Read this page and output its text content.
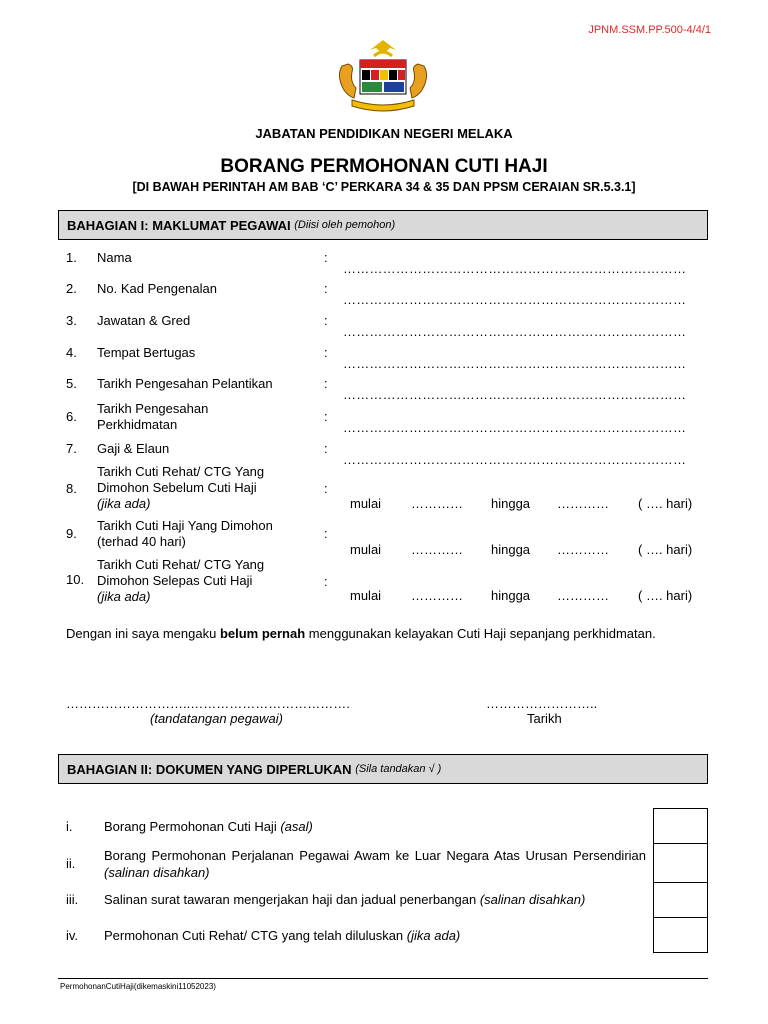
JPNM.SSM.PP.500-4/4/1
JABATAN PENDIDIKAN NEGERI MELAKA
BORANG PERMOHONAN CUTI HAJI
[DI BAWAH PERINTAH AM BAB ‘C’ PERKARA 34 & 35 DAN PPSM CERAIAN SR.5.3.1]
BAHAGIAN I: MAKLUMAT PEGAWAI
(Diisi oleh pemohon)
1. Nama	:
……………………………………………………………………
2. No. Kad Pengenalan	:
……………………………………………………………………
3. Jawatan & Gred	:
……………………………………………………………………
4. Tempat Bertugas	:
……………………………………………………………………
5. Tarikh Pengesahan Pelantikan	:
……………………………………………………………………
6.
Tarikh Pengesahan Perkhidmatan
:
……………………………………………………………………
7. Gaji & Elaun	:
……………………………………………………………………
8.
Tarikh Cuti Rehat/ CTG Yang
Dimohon Sebelum Cuti Haji
(jika ada)
:
mulai ………… hingga ………… ( …. hari)
9.
Tarikh Cuti Haji Yang Dimohon
(terhad 40 hari)
:
mulai ………… hingga ………… ( …. hari)
10.
Tarikh Cuti Rehat/ CTG Yang
Dimohon Selepas Cuti Haji
(jika ada)
:
mulai ………… hingga ………… ( …. hari)
Dengan ini saya mengaku belum pernah menggunakan kelayakan Cuti Haji sepanjang perkhidmatan.
………………………..……………………………….
(tandatangan pegawai)
……………………..
Tarikh
BAHAGIAN II: DOKUMEN YANG DIPERLUKAN
(Sila tandakan √ )
i. Borang Permohonan Cuti Haji (asal)
ii.
Borang Permohonan Perjalanan Pegawai Awam ke Luar Negara Atas Urusan Persendirian (salinan disahkan)
iii. Salinan surat tawaran mengerjakan haji dan jadual penerbangan (salinan disahkan)
iv. Permohonan Cuti Rehat/ CTG yang telah diluluskan (jika ada)
PermohonanCutiHaji(dikemaskini11052023)
